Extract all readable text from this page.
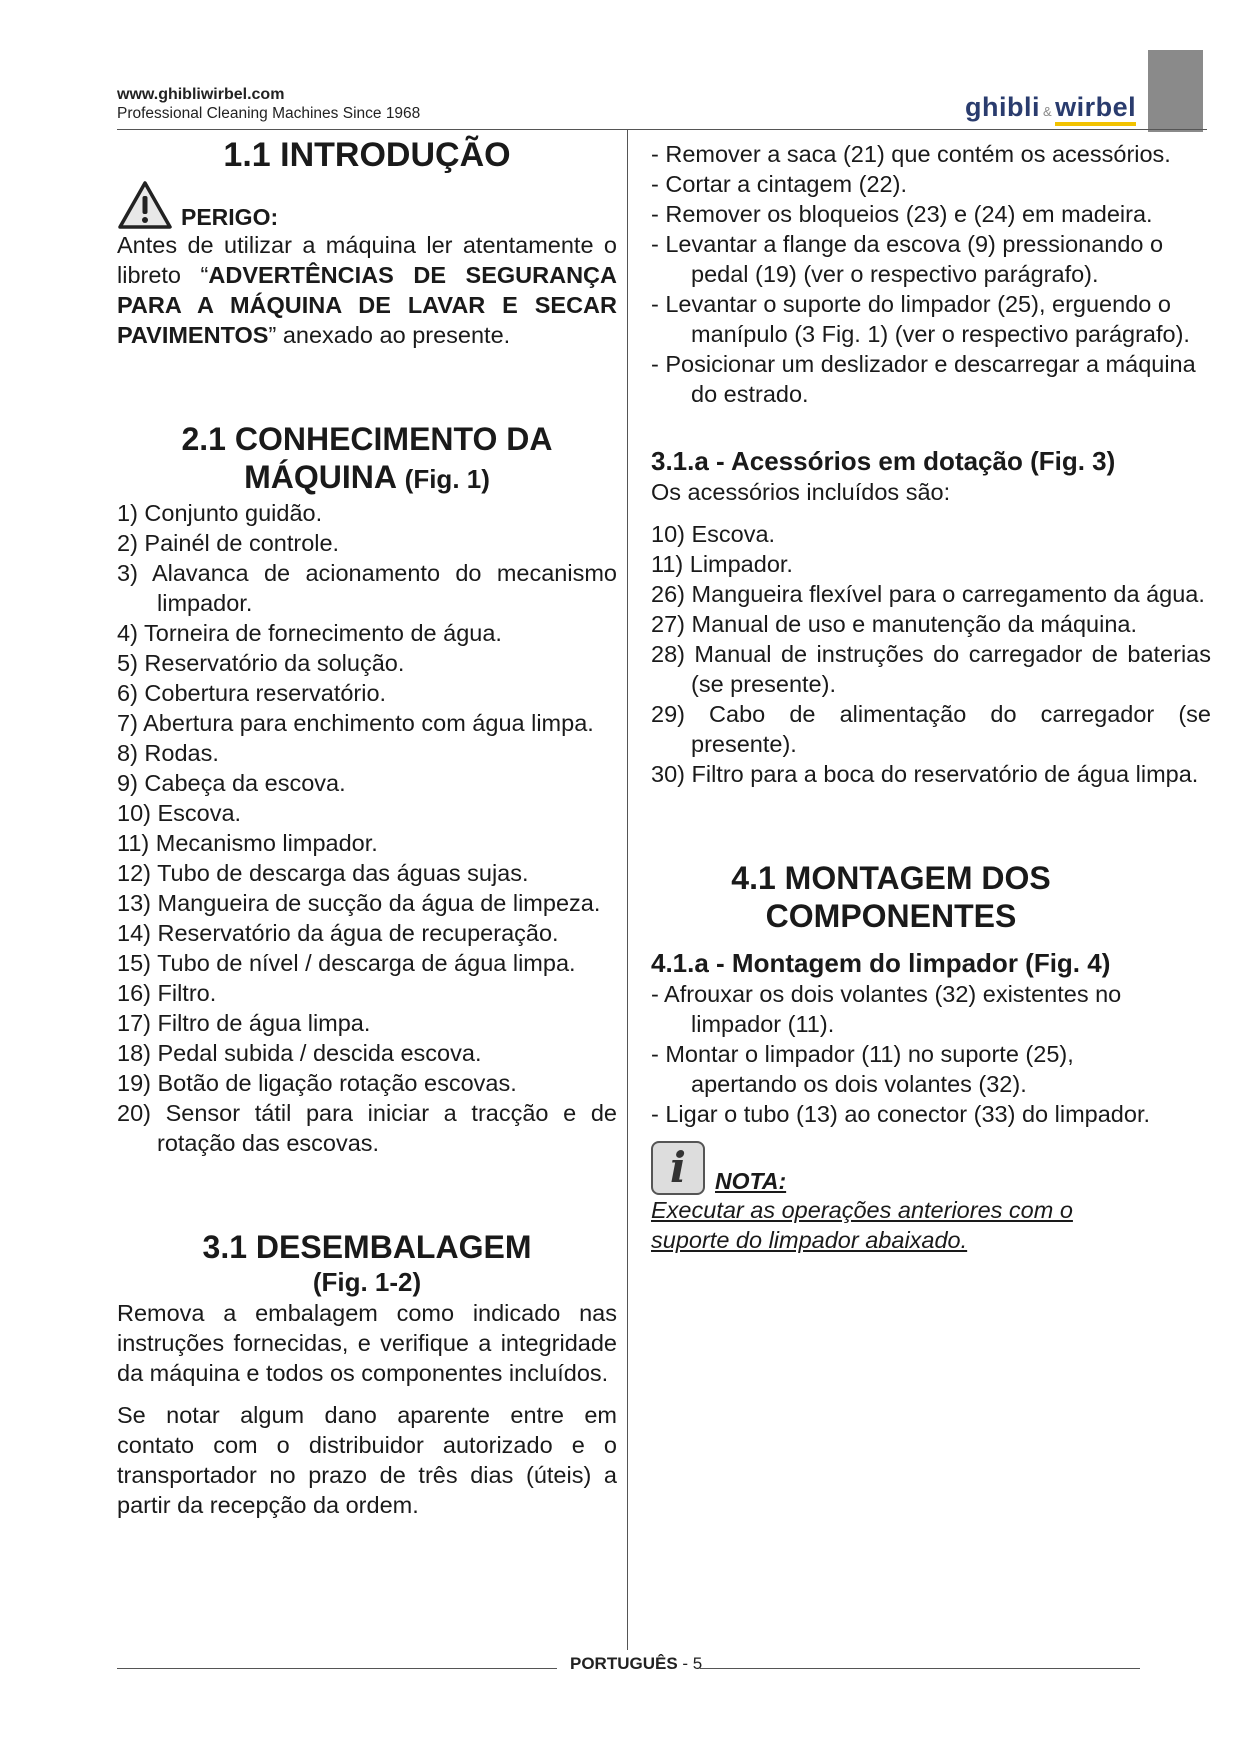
www.ghibliwirbel.com
Professional Cleaning Machines Since 1968	ghibli & wirbel
1.1 INTRODUÇÃO
PERIGO:
Antes de utilizar a máquina ler atentamente o libreto “ADVERTÊNCIAS DE SEGURANÇA PARA A MÁQUINA DE LAVAR E SECAR PAVIMENTOS” anexado ao presente.
2.1 CONHECIMENTO DA MÁQUINA (Fig. 1)
1) Conjunto guidão.
2) Painél de controle.
3) Alavanca de acionamento do mecanismo limpador.
4) Torneira de fornecimento de água.
5) Reservatório da solução.
6) Cobertura reservatório.
7) Abertura para enchimento com água limpa.
8) Rodas.
9) Cabeça da escova.
10) Escova.
11) Mecanismo limpador.
12) Tubo de descarga das águas sujas.
13) Mangueira de sucção da água de limpeza.
14) Reservatório da água de recuperação.
15) Tubo de nível / descarga de água limpa.
16) Filtro.
17) Filtro de água limpa.
18) Pedal subida / descida escova.
19) Botão de ligação rotação escovas.
20) Sensor tátil para iniciar a tracção e de rotação das escovas.
3.1 DESEMBALAGEM
(Fig. 1-2)
Remova a embalagem como indicado nas instruções fornecidas, e verifique a integridade da máquina e todos os componentes incluídos.
Se notar algum dano aparente entre em contato com o distribuidor autorizado e o transportador no prazo de três dias (úteis) a partir da recepção da ordem.
- Remover a saca (21) que contém os acessórios.
- Cortar a cintagem (22).
- Remover os bloqueios (23) e (24) em madeira.
- Levantar a flange da escova (9) pressionando o pedal (19) (ver o respectivo parágrafo).
- Levantar o suporte do limpador (25), erguendo o manípulo (3 Fig. 1) (ver o respectivo parágrafo).
- Posicionar um deslizador e descarregar a máquina do estrado.
3.1.a - Acessórios em dotação (Fig. 3)
Os acessórios incluídos são:
10) Escova.
11) Limpador.
26) Mangueira flexível para o carregamento da água.
27) Manual de uso e manutenção da máquina.
28) Manual de instruções do carregador de baterias (se presente).
29) Cabo de alimentação do carregador (se presente).
30) Filtro para a boca do reservatório de água limpa.
4.1 MONTAGEM DOS COMPONENTES
4.1.a - Montagem do limpador (Fig. 4)
- Afrouxar os dois volantes (32) existentes no limpador (11).
- Montar o limpador (11) no suporte (25), apertando os dois volantes (32).
- Ligar o tubo (13) ao conector (33) do limpador.
i	NOTA:
Executar as operações anteriores com o suporte do limpador abaixado.
PORTUGUÊS - 5
